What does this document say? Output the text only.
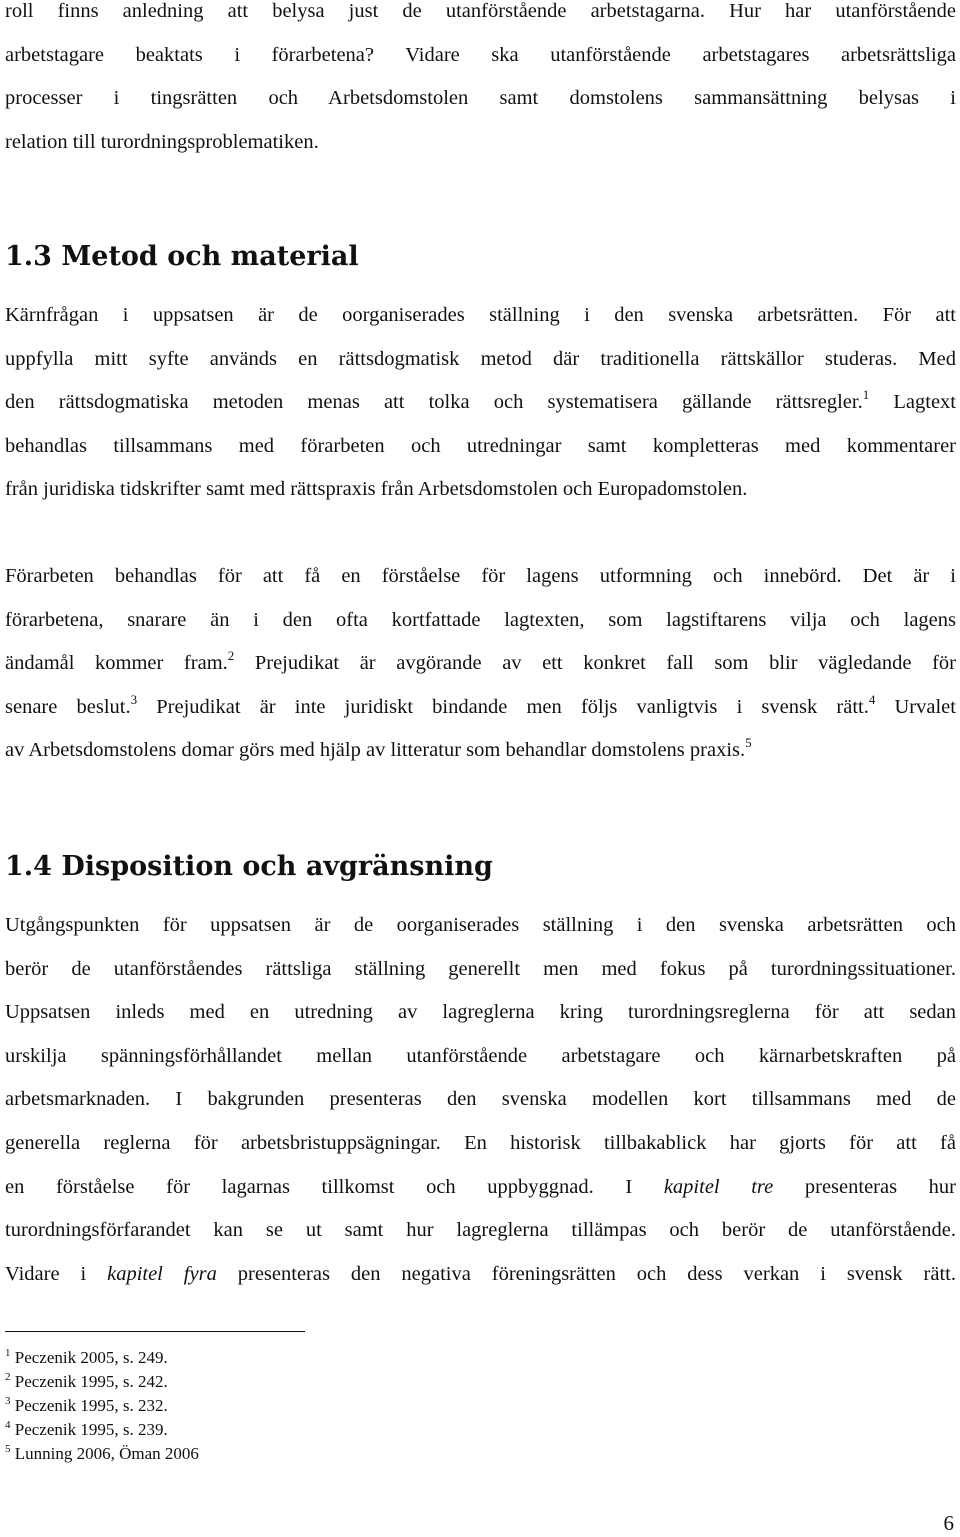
roll finns anledning att belysa just de utanförstående arbetstagarna. Hur har utanförstående
arbetstagare beaktats i förarbetena? Vidare ska utanförstående arbetstagares arbetsrättsliga
processer i tingsrätten och Arbetsdomstolen samt domstolens sammansättning belysas i
relation till turordningsproblematiken.

1.3 Metod och material

Kärnfrågan i uppsatsen är de oorganiserades ställning i den svenska arbetsrätten. För att
uppfylla mitt syfte används en rättsdogmatisk metod där traditionella rättskällor studeras. Med
den rättsdogmatiska metoden menas att tolka och systematisera gällande rättsregler.$^1$ Lagtext
behandlas tillsammans med förarbeten och utredningar samt kompletteras med kommentarer
från juridiska tidskrifter samt med rättspraxis från Arbetsdomstolen och Europadomstolen.

Förarbeten behandlas för att få en förståelse för lagens utformning och innebörd. Det är i
förarbetena, snarare än i den ofta kortfattade lagtexten, som lagstiftarens vilja och lagens
ändamål kommer fram.$^2$ Prejudikat är avgörande av ett konkret fall som blir vägledande för
senare beslut.$^3$ Prejudikat är inte juridiskt bindande men följs vanligtvis i svensk rätt.$^4$ Urvalet
av Arbetsdomstolens domar görs med hjälp av litteratur som behandlar domstolens praxis.$^5$

1.4 Disposition och avgränsning

Utgångspunkten för uppsatsen är de oorganiserades ställning i den svenska arbetsrätten och
berör de utanförståendes rättsliga ställning generellt men med fokus på turordningssituationer.
Uppsatsen inleds med en utredning av lagreglerna kring turordningsreglerna för att sedan
urskilja spänningsförhållandet mellan utanförstående arbetstagare och kärnarbetskraften på
arbetsmarknaden. I bakgrunden presenteras den svenska modellen kort tillsammans med de
generella reglerna för arbetsbristuppsägningar. En historisk tillbakablick har gjorts för att få
en förståelse för lagarnas tillkomst och uppbyggnad. I kapitel tre presenteras hur
turordningsförfarandet kan se ut samt hur lagreglerna tillämpas och berör de utanförstående.
Vidare i kapitel fyra presenteras den negativa föreningsrätten och dess verkan i svensk rätt.

$^1$ Peczenik 2005, s. 249.
$^2$ Peczenik 1995, s. 242.
$^3$ Peczenik 1995, s. 232.
$^4$ Peczenik 1995, s. 239.
$^5$ Lunning 2006, Öman 2006
6
